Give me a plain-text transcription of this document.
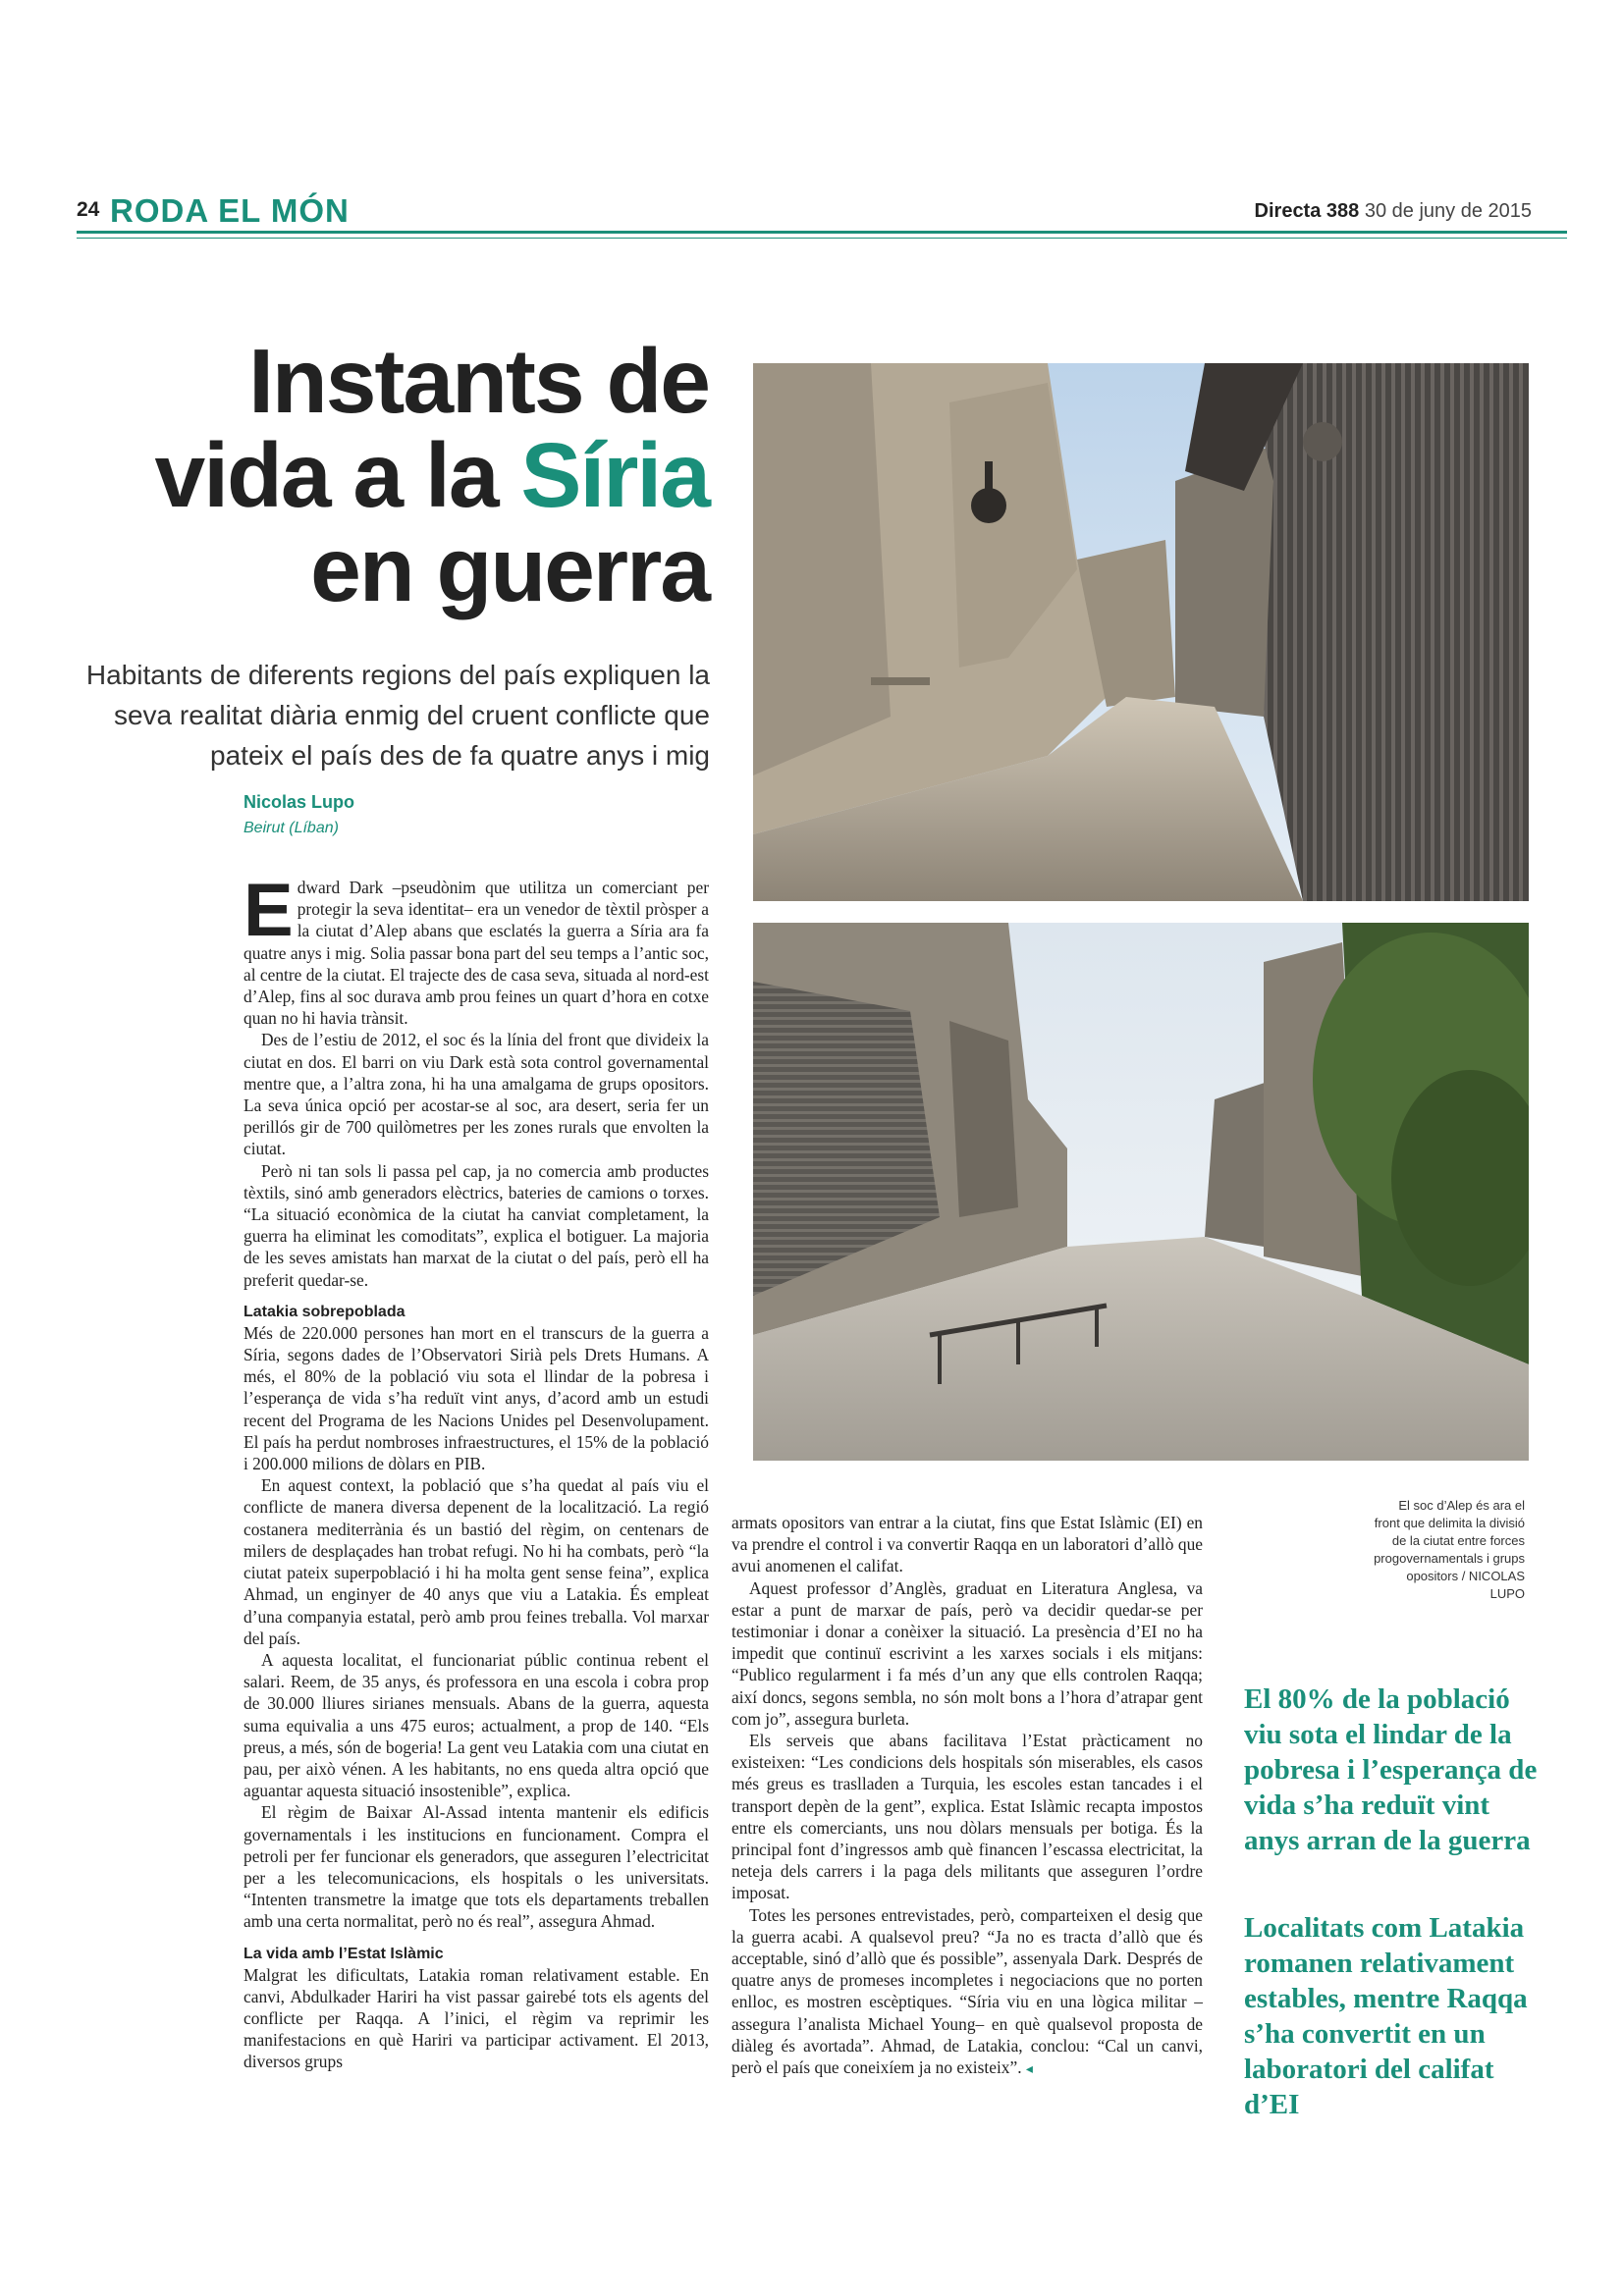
24 RODA EL MÓN	Directa 388 30 de juny de 2015
Instants de
vida a la Síria
en guerra
Habitants de diferents regions del país expliquen la seva realitat diària enmig del cruent conflicte que pateix el país des de fa quatre anys i mig
Nicolas Lupo
Beirut (Líban)

Edward Dark –pseudònim que utilitza un comerciant per protegir la seva identitat– era un venedor de tèxtil pròsper a la ciutat d’Alep abans que esclatés la guerra a Síria ara fa quatre anys i mig. Solia passar bona part del seu temps a l’antic soc, al centre de la ciutat. El trajecte des de casa seva, situada al nord-est d’Alep, fins al soc durava amb prou feines un quart d’hora en cotxe quan no hi havia trànsit.

Des de l’estiu de 2012, el soc és la línia del front que divideix la ciutat en dos. El barri on viu Dark està sota control governamental mentre que, a l’altra zona, hi ha una amalgama de grups opositors. La seva única opció per acostar-se al soc, ara desert, seria fer un perillós gir de 700 quilòmetres per les zones rurals que envolten la ciutat.

Però ni tan sols li passa pel cap, ja no comercia amb productes tèxtils, sinó amb generadors elèctrics, bateries de camions o torxes. “La situació econòmica de la ciutat ha canviat completament, la guerra ha eliminat les comoditats”, explica el botiguer. La majoria de les seves amistats han marxat de la ciutat o del país, però ell ha preferit quedar-se.

Latakia sobrepoblada

Més de 220.000 persones han mort en el transcurs de la guerra a Síria, segons dades de l’Observatori Sirià pels Drets Humans. A més, el 80% de la població viu sota el llindar de la pobresa i l’esperança de vida s’ha reduït vint anys, d’acord amb un estudi recent del Programa de les Nacions Unides pel Desenvolupament. El país ha perdut nombroses infraestructures, el 15% de la població i 200.000 milions de dòlars en PIB.

En aquest context, la població que s’ha quedat al país viu el conflicte de manera diversa depenent de la localització. La regió costanera mediterrània és un bastió del règim, on centenars de milers de desplaçades han trobat refugi. No hi ha combats, però “la ciutat pateix superpoblació i hi ha molta gent sense feina”, explica Ahmad, un enginyer de 40 anys que viu a Latakia. És empleat d’una companyia estatal, però amb prou feines treballa. Vol marxar del país.

A aquesta localitat, el funcionariat públic continua rebent el salari. Reem, de 35 anys, és professora en una escola i cobra prop de 30.000 lliures sirianes mensuals. Abans de la guerra, aquesta suma equivalia a uns 475 euros; actualment, a prop de 140. “Els preus, a més, són de bogeria! La gent veu Latakia com una ciutat en pau, per això vénen. A les habitants, no ens queda altra opció que aguantar aquesta situació insostenible”, explica.

El règim de Baixar Al-Assad intenta mantenir els edificis governamentals i les institucions en funcionament. Compra el petroli per fer funcionar els generadors, que asseguren l’electricitat per a les telecomunicacions, els hospitals o les universitats. “Intenten transmetre la imatge que tots els departaments treballen amb una certa normalitat, però no és real”, assegura Ahmad.

La vida amb l’Estat Islàmic

Malgrat les dificultats, Latakia roman relativament estable. En canvi, Abdulkader Hariri ha vist passar gairebé tots els agents del conflicte per Raqqa. A l’inici, el règim va reprimir les manifestacions en què Hariri va participar activament. El 2013, diversos grups

armats opositors van entrar a la ciutat, fins que Estat Islàmic (EI) en va prendre el control i va convertir Raqqa en un laboratori d’allò que avui anomenen el califat.

Aquest professor d’Anglès, graduat en Literatura Anglesa, va estar a punt de marxar de país, però va decidir quedar-se per testimoniar i donar a conèixer la situació. La presència d’EI no ha impedit que continuï escrivint a les xarxes socials i els mitjans: “Publico regularment i fa més d’un any que ells controlen Raqqa; així doncs, segons sembla, no són molt bons a l’hora d’atrapar gent com jo”, assegura burleta.

Els serveis que abans facilitava l’Estat pràcticament no existeixen: “Les condicions dels hospitals són miserables, els casos més greus es traslladen a Turquia, les escoles estan tancades i el transport depèn de la gent”, explica. Estat Islàmic recapta impostos entre els comerciants, uns nou dòlars mensuals per botiga. És la principal font d’ingressos amb què financen l’escassa electricitat, la neteja dels carrers i la paga dels militants que asseguren l’ordre imposat.

Totes les persones entrevistades, però, comparteixen el desig que la guerra acabi. A qualsevol preu? “Ja no es tracta d’allò que és acceptable, sinó d’allò que és possible”, assenyala Dark. Després de quatre anys de promeses incompletes i negociacions que no porten enlloc, es mostren escèptiques. “Síria viu en una lògica militar –assegura l’analista Michael Young– en què qualsevol proposta de diàleg és avortada”. Ahmad, de Latakia, conclou: “Cal un canvi, però el país que coneixíem ja no existeix”. ◂

El soc d’Alep és ara el front que delimita la divisió de la ciutat entre forces progovernamentals i grups opositors / NICOLAS LUPO
El 80% de la població viu sota el lindar de la pobresa i l’esperança de vida s’ha reduït vint anys arran de la guerra
Localitats com Latakia romanen relativament estables, mentre Raqqa s’ha convertit en un laboratori del califat d’EI
